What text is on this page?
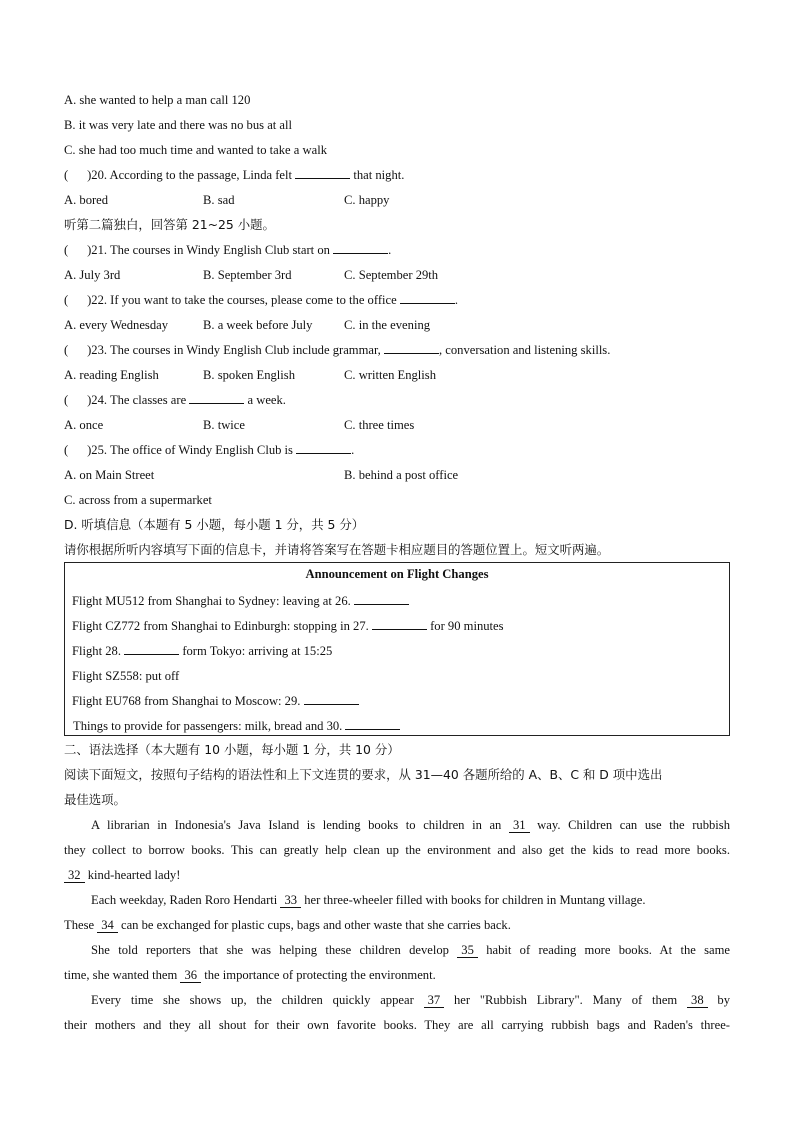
A. she wanted to help a man call 120
B. it was very late and there was no bus at all
C. she had too much time and wanted to take a walk
(      )20. According to the passage, Linda felt	that night.
A. bored	B. sad	C. happy
听第二篇独白，回答第 21~25 小题。
(      )21. The courses in Windy English Club start on	.
A. July 3rd	B. September 3rd	C. September 29th
(      )22. If you want to take the courses, please come to the office	.
A. every Wednesday	B. a week before July	C. in the evening
(      )23. The courses in Windy English Club include grammar,	, conversation and listening skills.
A. reading English	B. spoken English	C. written English
(      )24. The classes are	a week.
A. once	B. twice	C. three times
(      )25. The office of Windy English Club is	.
A. on Main Street	B. behind a post office
C. across from a supermarket
D. 听填信息（本题有 5 小题，每小题 1 分，共 5 分）
请你根据所听内容填写下面的信息卡，并请将答案写在答题卡相应题目的答题位置上。短文听两遍。
Announcement on Flight Changes
Flight MU512 from Shanghai to Sydney: leaving at 26.
Flight CZ772 from Shanghai to Edinburgh: stopping in 27.	for 90 minutes
Flight 28.	form Tokyo: arriving at 15:25
Flight SZ558: put off
Flight EU768 from Shanghai to Moscow: 29.
Things to provide for passengers: milk, bread and 30.
二、语法选择（本大题有 10 小题，每小题 1 分，共 10 分）
阅读下面短文，按照句子结构的语法性和上下文连贯的要求，从 31—40 各题所给的 A、B、C 和 D 项中选出
最佳选项。
A librarian in Indonesia's Java Island is lending books to children in an 31 way. Children can use the rubbish
they collect to borrow books. This can greatly help clean up the environment and also get the kids to read more books.
32 kind-hearted lady!
Each weekday, Raden Roro Hendarti 33 her three-wheeler filled with books for children in Muntang village.
These 34 can be exchanged for plastic cups, bags and other waste that she carries back.
She told reporters that she was helping these children develop 35 habit of reading more books. At the same
time, she wanted them 36 the importance of protecting the environment.
Every time she shows up, the children quickly appear 37 her "Rubbish Library". Many of them 38 by
their mothers and they all shout for their own favorite books. They are all carrying rubbish bags and Raden's three-
